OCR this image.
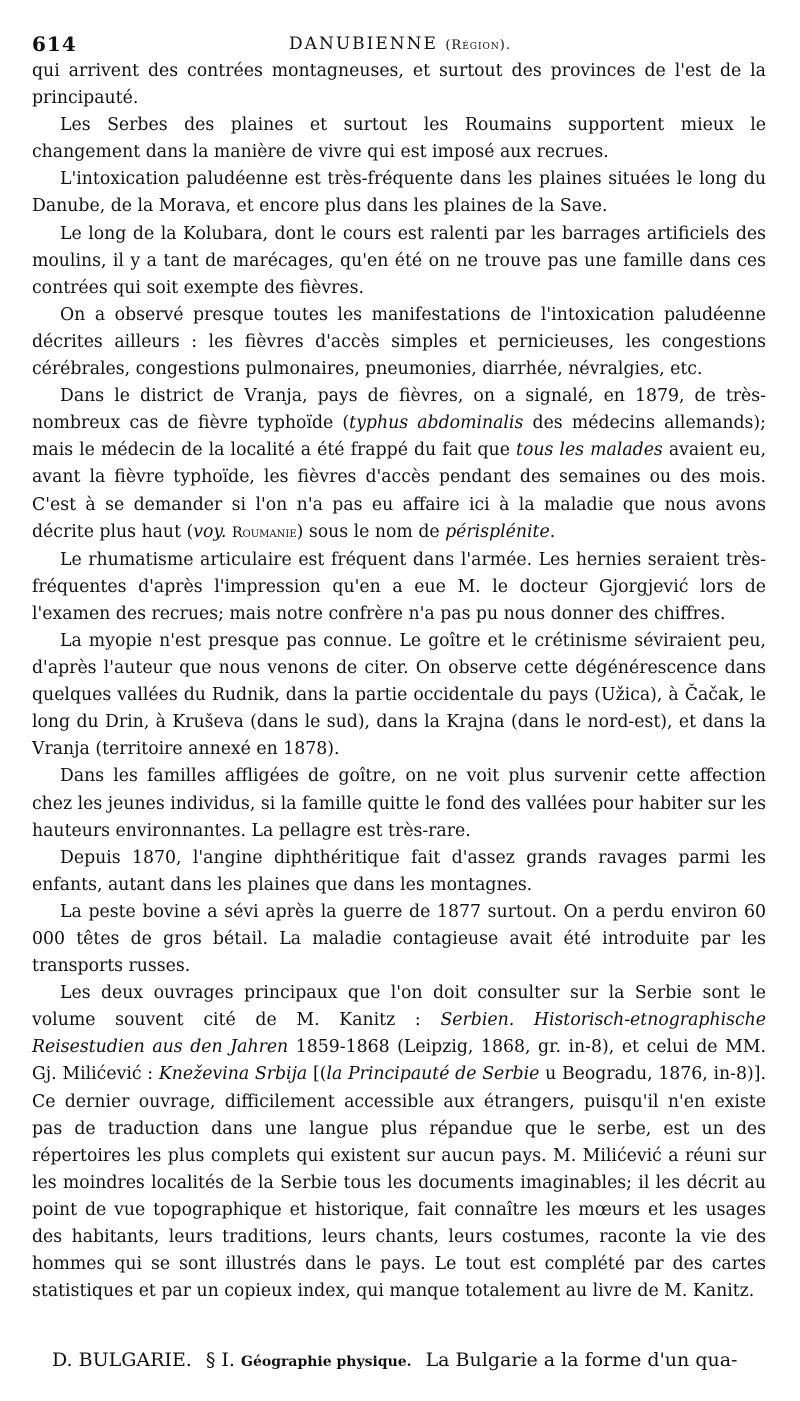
614	DANUBIENNE (Région).

qui arrivent des contrées montagneuses, et surtout des provinces de l'est de la principauté.

Les Serbes des plaines et surtout les Roumains supportent mieux le changement dans la manière de vivre qui est imposé aux recrues.

L'intoxication paludéenne est très-fréquente dans les plaines situées le long du Danube, de la Morava, et encore plus dans les plaines de la Save.

Le long de la Kolubara, dont le cours est ralenti par les barrages artificiels des moulins, il y a tant de marécages, qu'en été on ne trouve pas une famille dans ces contrées qui soit exempte des fièvres.

On a observé presque toutes les manifestations de l'intoxication paludéenne décrites ailleurs : les fièvres d'accès simples et pernicieuses, les congestions cérébrales, congestions pulmonaires, pneumonies, diarrhée, névralgies, etc.

Dans le district de Vranja, pays de fièvres, on a signalé, en 1879, de très-nombreux cas de fièvre typhoïde (typhus abdominalis des médecins allemands); mais le médecin de la localité a été frappé du fait que tous les malades avaient eu, avant la fièvre typhoïde, les fièvres d'accès pendant des semaines ou des mois. C'est à se demander si l'on n'a pas eu affaire ici à la maladie que nous avons décrite plus haut (voy. Roumanie) sous le nom de périsplénite.

Le rhumatisme articulaire est fréquent dans l'armée. Les hernies seraient très-fréquentes d'après l'impression qu'en a eue M. le docteur Gjorgjević lors de l'examen des recrues; mais notre confrère n'a pas pu nous donner des chiffres.

La myopie n'est presque pas connue. Le goître et le crétinisme séviraient peu, d'après l'auteur que nous venons de citer. On observe cette dégénérescence dans quelques vallées du Rudnik, dans la partie occidentale du pays (Užica), à Čačak, le long du Drin, à Kruševa (dans le sud), dans la Krajna (dans le nord-est), et dans la Vranja (territoire annexé en 1878).

Dans les familles affligées de goître, on ne voit plus survenir cette affection chez les jeunes individus, si la famille quitte le fond des vallées pour habiter sur les hauteurs environnantes. La pellagre est très-rare.

Depuis 1870, l'angine diphthéritique fait d'assez grands ravages parmi les enfants, autant dans les plaines que dans les montagnes.

La peste bovine a sévi après la guerre de 1877 surtout. On a perdu environ 60 000 têtes de gros bétail. La maladie contagieuse avait été introduite par les transports russes.

Les deux ouvrages principaux que l'on doit consulter sur la Serbie sont le volume souvent cité de M. Kanitz : Serbien. Historisch-etnographische Reisestudien aus den Jahren 1859-1868 (Leipzig, 1868, gr. in-8), et celui de MM. Gj. Milićević : Kneževina Srbija [(la Principauté de Serbie u Beogradu, 1876, in-8)]. Ce dernier ouvrage, difficilement accessible aux étrangers, puisqu'il n'en existe pas de traduction dans une langue plus répandue que le serbe, est un des répertoires les plus complets qui existent sur aucun pays. M. Milićević a réuni sur les moindres localités de la Serbie tous les documents imaginables; il les décrit au point de vue topographique et historique, fait connaître les mœurs et les usages des habitants, leurs traditions, leurs chants, leurs costumes, raconte la vie des hommes qui se sont illustrés dans le pays. Le tout est complété par des cartes statistiques et par un copieux index, qui manque totalement au livre de M. Kanitz.

D. BULGARIE. § I. Géographie physique. La Bulgarie a la forme d'un qua-
